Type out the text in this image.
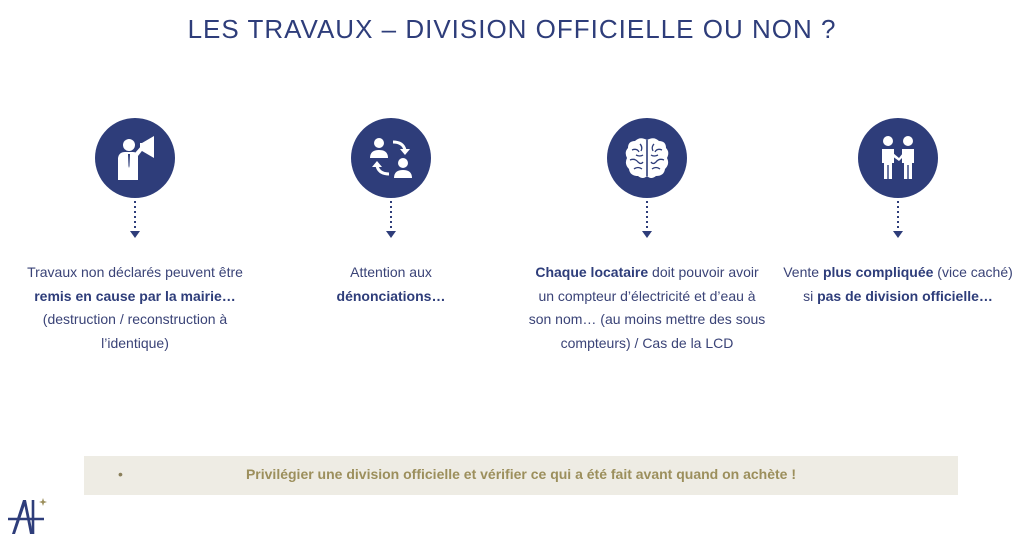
LES TRAVAUX – DIVISION OFFICIELLE OU NON ?
Travaux non déclarés peuvent être remis en cause par la mairie… (destruction / reconstruction à l’identique)
Attention aux
dénonciations…
Chaque locataire doit pouvoir avoir un compteur d’électricité et d’eau à son nom… (au moins mettre des sous compteurs) / Cas de la LCD
Vente plus compliquée (vice caché) si pas de division officielle…
•	Privilégier une division officielle et vérifier ce qui a été fait avant quand on achète !
